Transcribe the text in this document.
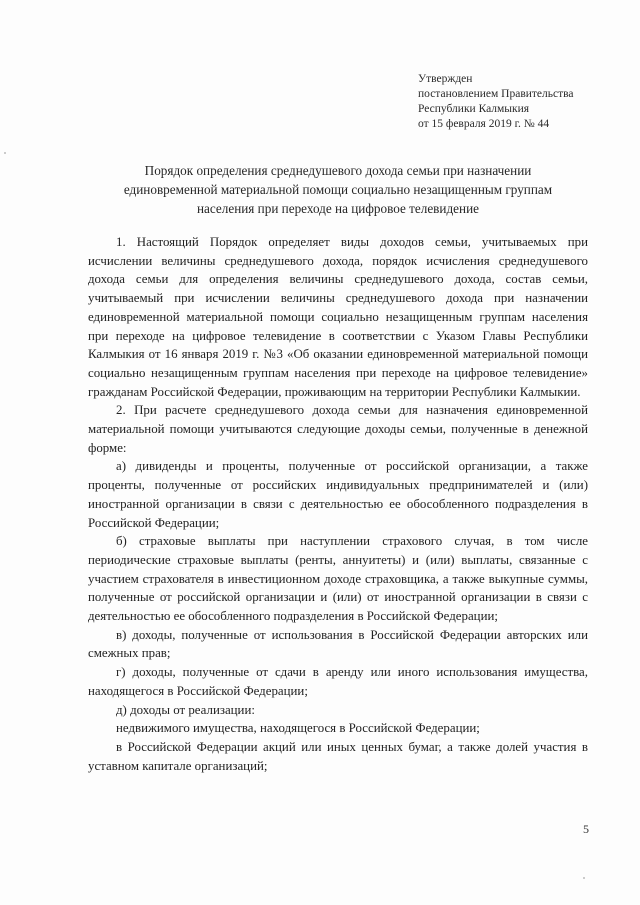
Утвержден
постановлением Правительства
Республики Калмыкия
от 15 февраля 2019 г. № 44
Порядок определения среднедушевого дохода семьи при назначении
единовременной материальной помощи социально незащищенным группам
населения при переходе на цифровое телевидение

1. Настоящий Порядок определяет виды доходов семьи, учитываемых при исчислении величины среднедушевого дохода, порядок исчисления среднедушевого дохода семьи для определения величины среднедушевого дохода, состав семьи, учитываемый при исчислении величины среднедушевого дохода при назначении единовременной материальной помощи социально незащищенным группам населения при переходе на цифровое телевидение в соответствии с Указом Главы Республики Калмыкия от 16 января 2019 г. №3 «Об оказании единовременной материальной помощи социально незащищенным группам населения при переходе на цифровое телевидение» гражданам Российской Федерации, проживающим на территории Республики Калмыкии.

2. При расчете среднедушевого дохода семьи для назначения единовременной материальной помощи учитываются следующие доходы семьи, полученные в денежной форме:

а) дивиденды и проценты, полученные от российской организации, а также проценты, полученные от российских индивидуальных предпринимателей и (или) иностранной организации в связи с деятельностью ее обособленного подразделения в Российской Федерации;

б) страховые выплаты при наступлении страхового случая, в том числе периодические страховые выплаты (ренты, аннуитеты) и (или) выплаты, связанные с участием страхователя в инвестиционном доходе страховщика, а также выкупные суммы, полученные от российской организации и (или) от иностранной организации в связи с деятельностью ее обособленного подразделения в Российской Федерации;

в) доходы, полученные от использования в Российской Федерации авторских или смежных прав;

г) доходы, полученные от сдачи в аренду или иного использования имущества, находящегося в Российской Федерации;

д) доходы от реализации:

недвижимого имущества, находящегося в Российской Федерации;

в Российской Федерации акций или иных ценных бумаг, а также долей участия в уставном капитале организаций;

5
